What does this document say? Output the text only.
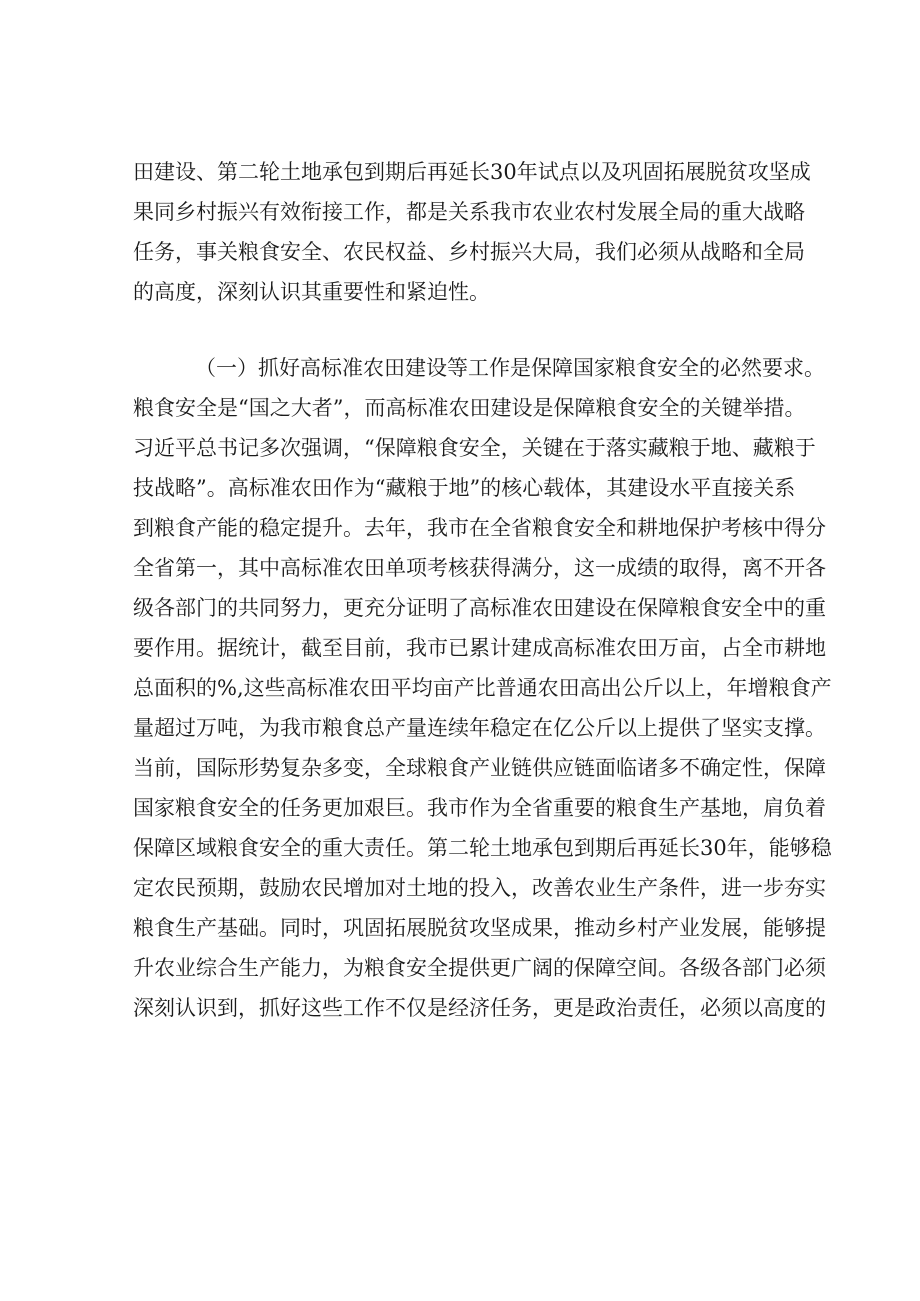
田建设、第二轮土地承包到期后再延长30年试点以及巩固拓展脱贫攻坚成
果同乡村振兴有效衔接工作，都是关系我市农业农村发展全局的重大战略
任务，事关粮食安全、农民权益、乡村振兴大局，我们必须从战略和全局
的高度，深刻认识其重要性和紧迫性。
（一）抓好高标准农田建设等工作是保障国家粮食安全的必然要求。
粮食安全是“国之大者”，而高标准农田建设是保障粮食安全的关键举措。
习近平总书记多次强调，“保障粮食安全，关键在于落实藏粮于地、藏粮于
技战略”。高标准农田作为“藏粮于地”的核心载体，其建设水平直接关系
到粮食产能的稳定提升。去年，我市在全省粮食安全和耕地保护考核中得分
全省第一，其中高标准农田单项考核获得满分，这一成绩的取得，离不开各
级各部门的共同努力，更充分证明了高标准农田建设在保障粮食安全中的重
要作用。据统计，截至目前，我市已累计建成高标准农田万亩，占全市耕地
总面积的%,这些高标准农田平均亩产比普通农田高出公斤以上，年增粮食产
量超过万吨，为我市粮食总产量连续年稳定在亿公斤以上提供了坚实支撑。
当前，国际形势复杂多变，全球粮食产业链供应链面临诸多不确定性，保障
国家粮食安全的任务更加艰巨。我市作为全省重要的粮食生产基地，肩负着
保障区域粮食安全的重大责任。第二轮土地承包到期后再延长30年，能够稳
定农民预期，鼓励农民增加对土地的投入，改善农业生产条件，进一步夯实
粮食生产基础。同时，巩固拓展脱贫攻坚成果，推动乡村产业发展，能够提
升农业综合生产能力，为粮食安全提供更广阔的保障空间。各级各部门必须
深刻认识到，抓好这些工作不仅是经济任务，更是政治责任，必须以高度的
